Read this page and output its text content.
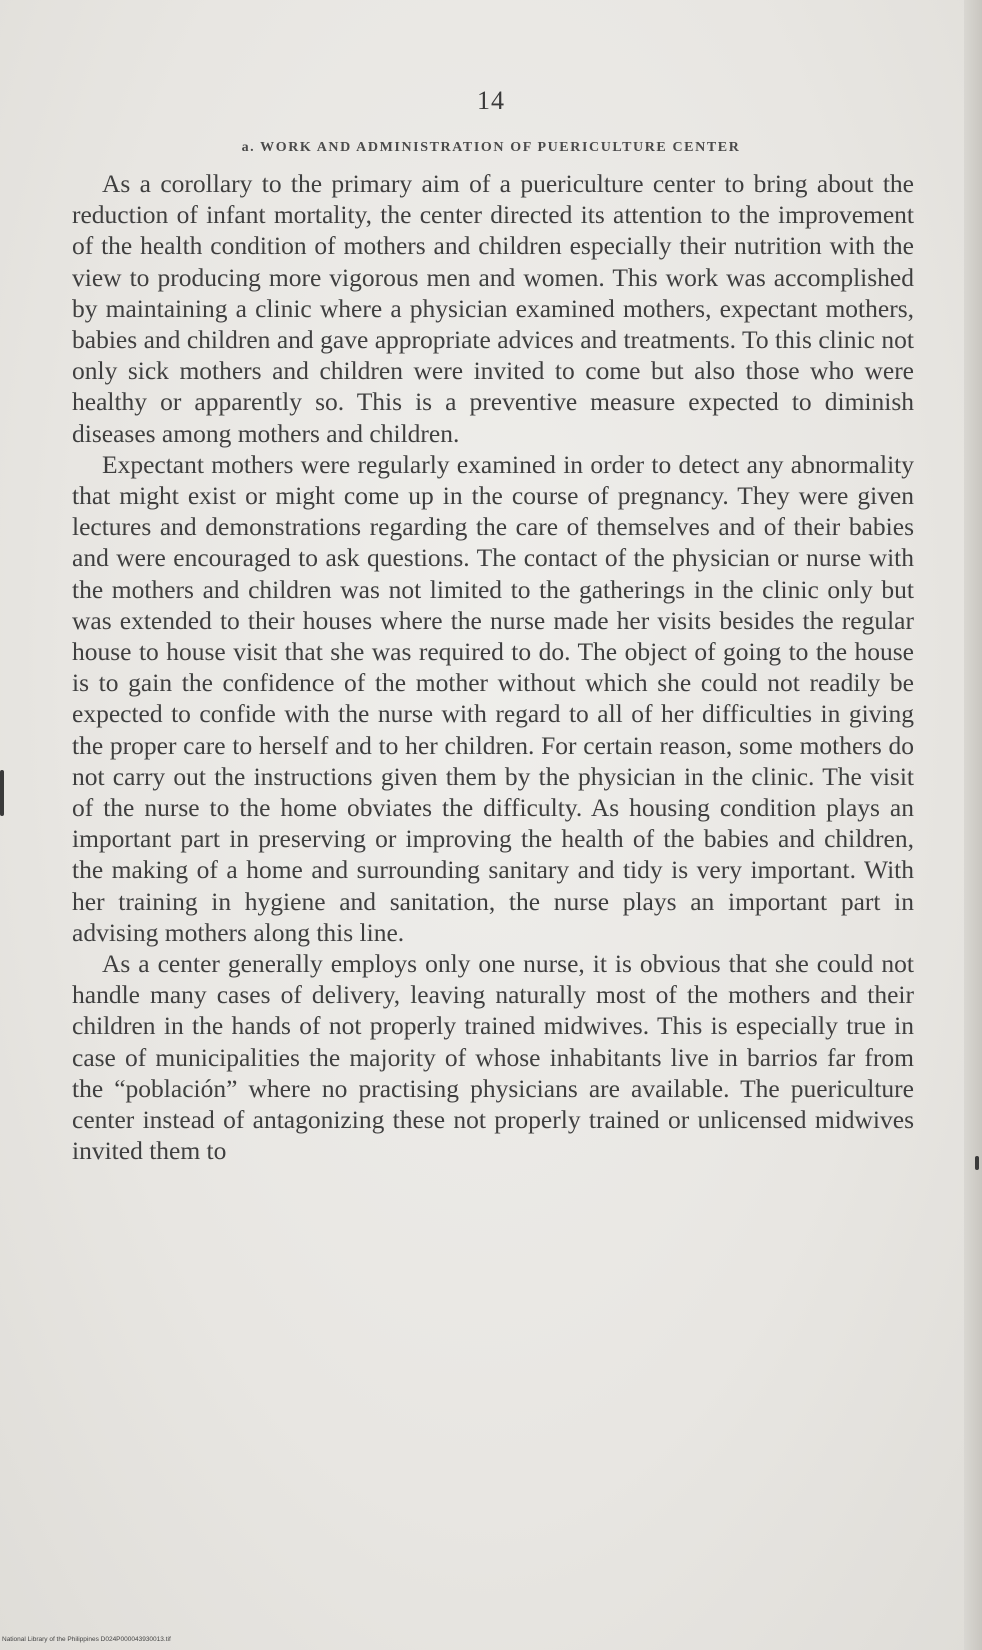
14
a. WORK AND ADMINISTRATION OF PUERICULTURE CENTER

As a corollary to the primary aim of a puericulture center to bring about the reduction of infant mortality, the center directed its attention to the improvement of the health condition of mothers and children especially their nutrition with the view to producing more vigorous men and women. This work was accomplished by maintaining a clinic where a physician examined mothers, expectant mothers, babies and children and gave appropriate advices and treatments. To this clinic not only sick mothers and children were invited to come but also those who were healthy or apparently so. This is a preventive measure expected to diminish diseases among mothers and children.

Expectant mothers were regularly examined in order to detect any abnormality that might exist or might come up in the course of pregnancy. They were given lectures and demonstrations regarding the care of themselves and of their babies and were encouraged to ask questions. The contact of the physician or nurse with the mothers and children was not limited to the gatherings in the clinic only but was extended to their houses where the nurse made her visits besides the regular house to house visit that she was required to do. The object of going to the house is to gain the confidence of the mother without which she could not readily be expected to confide with the nurse with regard to all of her difficulties in giving the proper care to herself and to her children. For certain reason, some mothers do not carry out the instructions given them by the physician in the clinic. The visit of the nurse to the home obviates the difficulty. As housing condition plays an important part in preserving or improving the health of the babies and children, the making of a home and surrounding sanitary and tidy is very important. With her training in hygiene and sanitation, the nurse plays an important part in advising mothers along this line.

As a center generally employs only one nurse, it is obvious that she could not handle many cases of delivery, leaving naturally most of the mothers and their children in the hands of not properly trained midwives. This is especially true in case of municipalities the majority of whose inhabitants live in barrios far from the “población” where no practising physicians are available. The puericulture center instead of antagonizing these not properly trained or unlicensed midwives invited them to

National Library of the Philippines D024P000043930013.tif
